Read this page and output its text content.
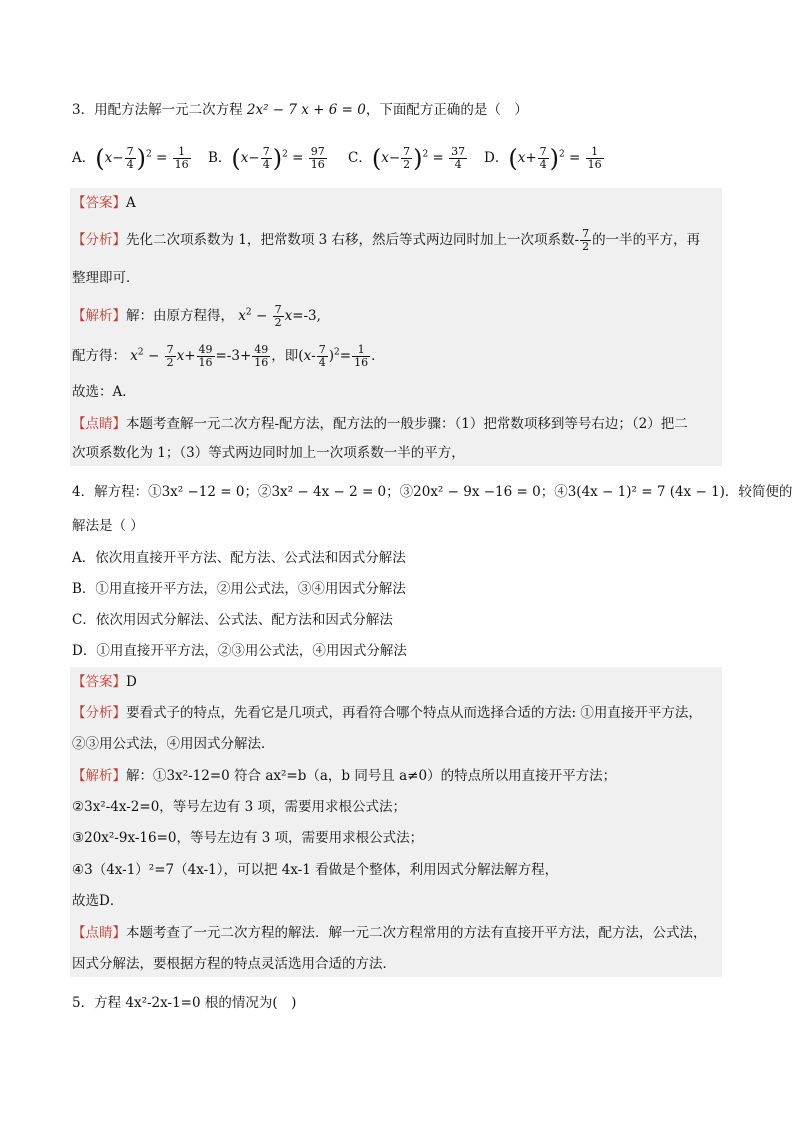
3．用配方法解一元二次方程 2x² − 7 x + 6 = 0，下面配方正确的是（　）
A．$(x- \frac{7}{4} )^2 = \frac{1}{16}$ B．$(x- \frac{7}{4} )^2 = \frac{97}{16}$ C．$(x- \frac{7}{2} )^2 = \frac{37}{4}$ D．$(x+ \frac{7}{4} )^2 = \frac{1}{16}$
【答案】A
【分析】先化二次项系数为 1，把常数项 3 右移，然后等式两边同时加上一次项系数- $\frac{7}{2}$ 的一半的平方，再
整理即可．
【解析】解：由原方程得， $x^2 - \frac{7}{2} x=-3$,
配方得： $x^2 - \frac{7}{2} x+ \frac{49}{16} =-3+ \frac{49}{16}$ ，即$(x- \frac{7}{4} )^2= \frac{1}{16}$ ．
故选：A．
【点睛】本题考查解一元二次方程-配方法，配方法的一般步骤：（1）把常数项移到等号右边；（2）把二
次项系数化为 1；（3）等式两边同时加上一次项系数一半的平方，
4．解方程：①3x² −12 = 0；②3x² − 4x − 2 = 0；③20x² − 9x −16 = 0；④3(4x − 1)² = 7 (4x − 1)．较简便的
解法是（ ）
A．依次用直接开平方法、配方法、公式法和因式分解法
B．①用直接开平方法，②用公式法，③④用因式分解法
C．依次用因式分解法、公式法、配方法和因式分解法
D．①用直接开平方法，②③用公式法，④用因式分解法
【答案】D
【分析】要看式子的特点，先看它是几项式，再看符合哪个特点从而选择合适的方法: ①用直接开平方法，
②③用公式法，④用因式分解法．
【解析】解：①3x²-12=0 符合 ax²=b（a，b 同号且 a≠0）的特点所以用直接开平方法；
②3x²-4x-2=0，等号左边有 3 项，需要用求根公式法；
③20x²-9x-16=0，等号左边有 3 项，需要用求根公式法；
④3（4x-1）²=7（4x-1），可以把 4x-1 看做是个整体，利用因式分解法解方程，
故选D．
【点睛】本题考查了一元二次方程的解法．解一元二次方程常用的方法有直接开平方法，配方法，公式法，
因式分解法，要根据方程的特点灵活选用合适的方法．
5．方程 4x²-2x-1=0 根的情况为(　)
